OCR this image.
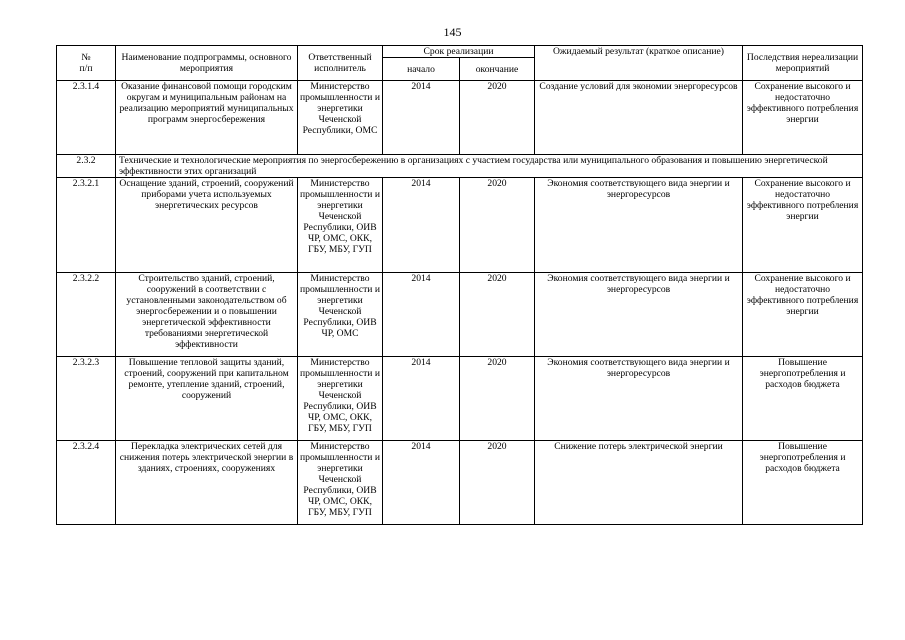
145
№
п/п	Наименование подпрограммы, основного мероприятия	Ответственный исполнитель	Срок реализации		Ожидаемый результат (краткое описание)	Последствия нереализации мероприятий
			начало	окончание		
2.3.1.4	Оказание финансовой помощи городским округам и муниципальным районам на реализацию мероприятий муниципальных программ энергосбережения	Министерство промышленности и энергетики Чеченской Республики, ОМС	2014	2020	Создание условий для экономии энергоресурсов	Сохранение высокого и недостаточно эффективного потребления энергии
2.3.2	Технические и технологические мероприятия по энергосбережению в организациях с участием государства или муниципального образования и повышению энергетической эффективности этих организаций					
2.3.2.1	Оснащение зданий, строений, сооружений приборами учета используемых энергетических ресурсов	Министерство промышленности и энергетики Чеченской Республики, ОИВ ЧР, ОМС, ОКК, ГБУ, МБУ, ГУП	2014	2020	Экономия соответствующего вида энергии и энергоресурсов	Сохранение высокого и недостаточно эффективного потребления энергии
2.3.2.2	Строительство зданий, строений, сооружений в соответствии с установленными законодательством об энергосбережении и о повышении энергетической эффективности требованиями энергетической эффективности	Министерство промышленности и энергетики Чеченской Республики, ОИВ ЧР, ОМС	2014	2020	Экономия соответствующего вида энергии и энергоресурсов	Сохранение высокого и недостаточно эффективного потребления энергии
2.3.2.3	Повышение тепловой защиты зданий, строений, сооружений при капитальном ремонте, утепление зданий, строений, сооружений	Министерство промышленности и энергетики Чеченской Республики, ОИВ ЧР, ОМС, ОКК, ГБУ, МБУ, ГУП	2014	2020	Экономия соответствующего вида энергии и энергоресурсов	Повышение энергопотребления и расходов бюджета
2.3.2.4	Перекладка электрических сетей для снижения потерь электрической энергии в зданиях, строениях, сооружениях	Министерство промышленности и энергетики Чеченской Республики, ОИВ ЧР, ОМС, ОКК, ГБУ, МБУ, ГУП	2014	2020	Снижение потерь электрической энергии	Повышение энергопотребления и расходов бюджета
